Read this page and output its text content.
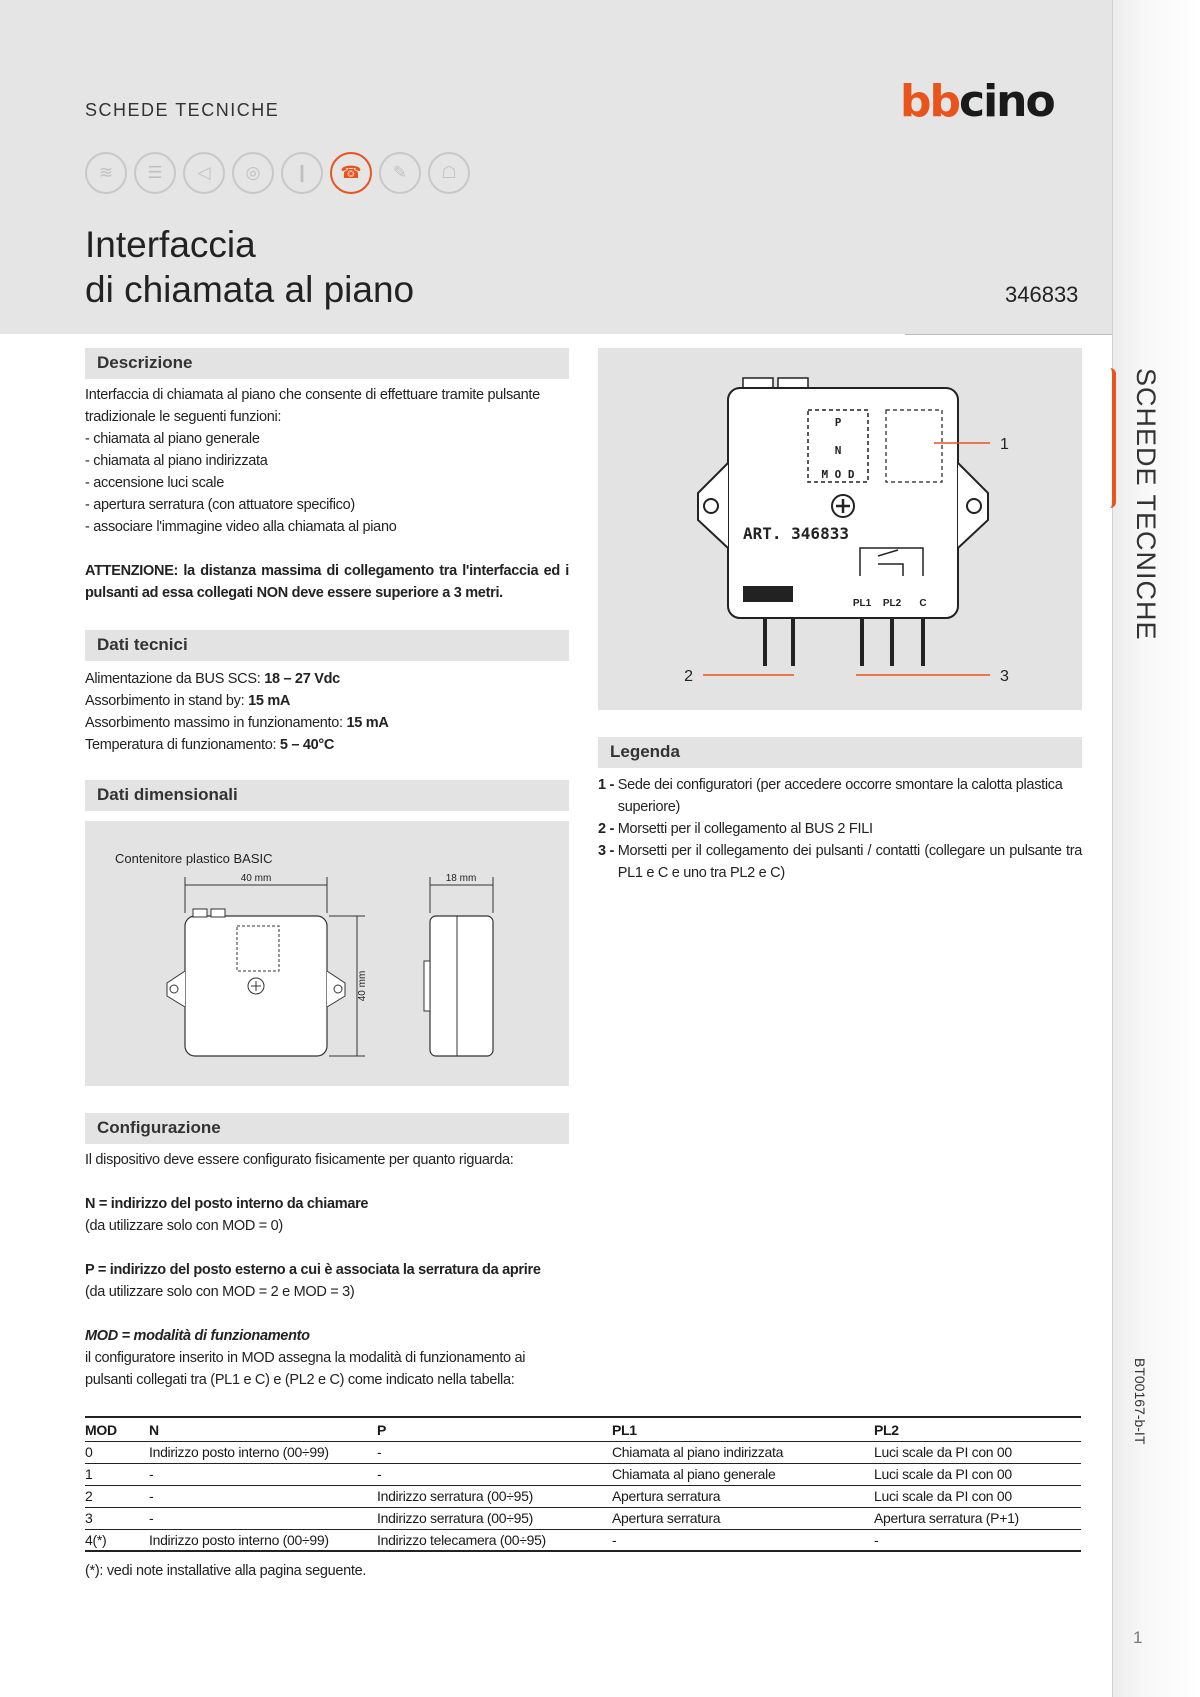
SCHEDE TECNICHE	bbcino
≋	☰	◁	◎	❙	☎	✎	☖
Interfaccia
di chiamata al piano	346833
SCHEDE TECNICHE
BT00167-b-IT
1
Descrizione
Interfaccia di chiamata al piano che consente di effettuare tramite pulsante tradizionale le seguenti funzioni:
- chiamata al piano generale
- chiamata al piano indirizzata
- accensione luci scale
- apertura serratura (con attuatore specifico)
- associare l'immagine video alla chiamata al piano
ATTENZIONE: la distanza massima di collegamento tra l'interfaccia ed i pulsanti ad essa collegati NON deve essere superiore a 3 metri.
Dati tecnici
Alimentazione da BUS SCS: 18 – 27 Vdc
Assorbimento in stand by: 15 mA
Assorbimento massimo in funzionamento: 15 mA
Temperatura di funzionamento: 5 – 40°C
Dati dimensionali
Contenitore plastico BASIC
40 mm
40 mm
18 mm
P
N
M O D
1
ART. 346833
PL1 PL2 C
2	3
Legenda
1 - Sede dei configuratori (per accedere occorre smontare la calotta plastica superiore)
2 - Morsetti per il collegamento al BUS 2 FILI
3 - Morsetti per il collegamento dei pulsanti / contatti (collegare un pulsante tra PL1 e C e uno tra PL2 e C)
Configurazione
Il dispositivo deve essere configurato fisicamente per quanto riguarda:
N = indirizzo del posto interno da chiamare
(da utilizzare solo con MOD = 0)
P = indirizzo del posto esterno a cui è associata la serratura da aprire
(da utilizzare solo con MOD = 2 e MOD = 3)
MOD = modalità di funzionamento
il configuratore inserito in MOD assegna la modalità di funzionamento ai pulsanti collegati tra (PL1 e C) e (PL2 e C) come indicato nella tabella:
MOD	N	P	PL1	PL2
0	Indirizzo posto interno (00÷99)	-	Chiamata al piano indirizzata	Luci scale da PI con 00
1	-	-	Chiamata al piano generale	Luci scale da PI con 00
2	-	Indirizzo serratura (00÷95)	Apertura serratura	Luci scale da PI con 00
3	-	Indirizzo serratura (00÷95)	Apertura serratura	Apertura serratura (P+1)
4(*)	Indirizzo posto interno (00÷99)	Indirizzo telecamera (00÷95)	-	-
(*): vedi note installative alla pagina seguente.
